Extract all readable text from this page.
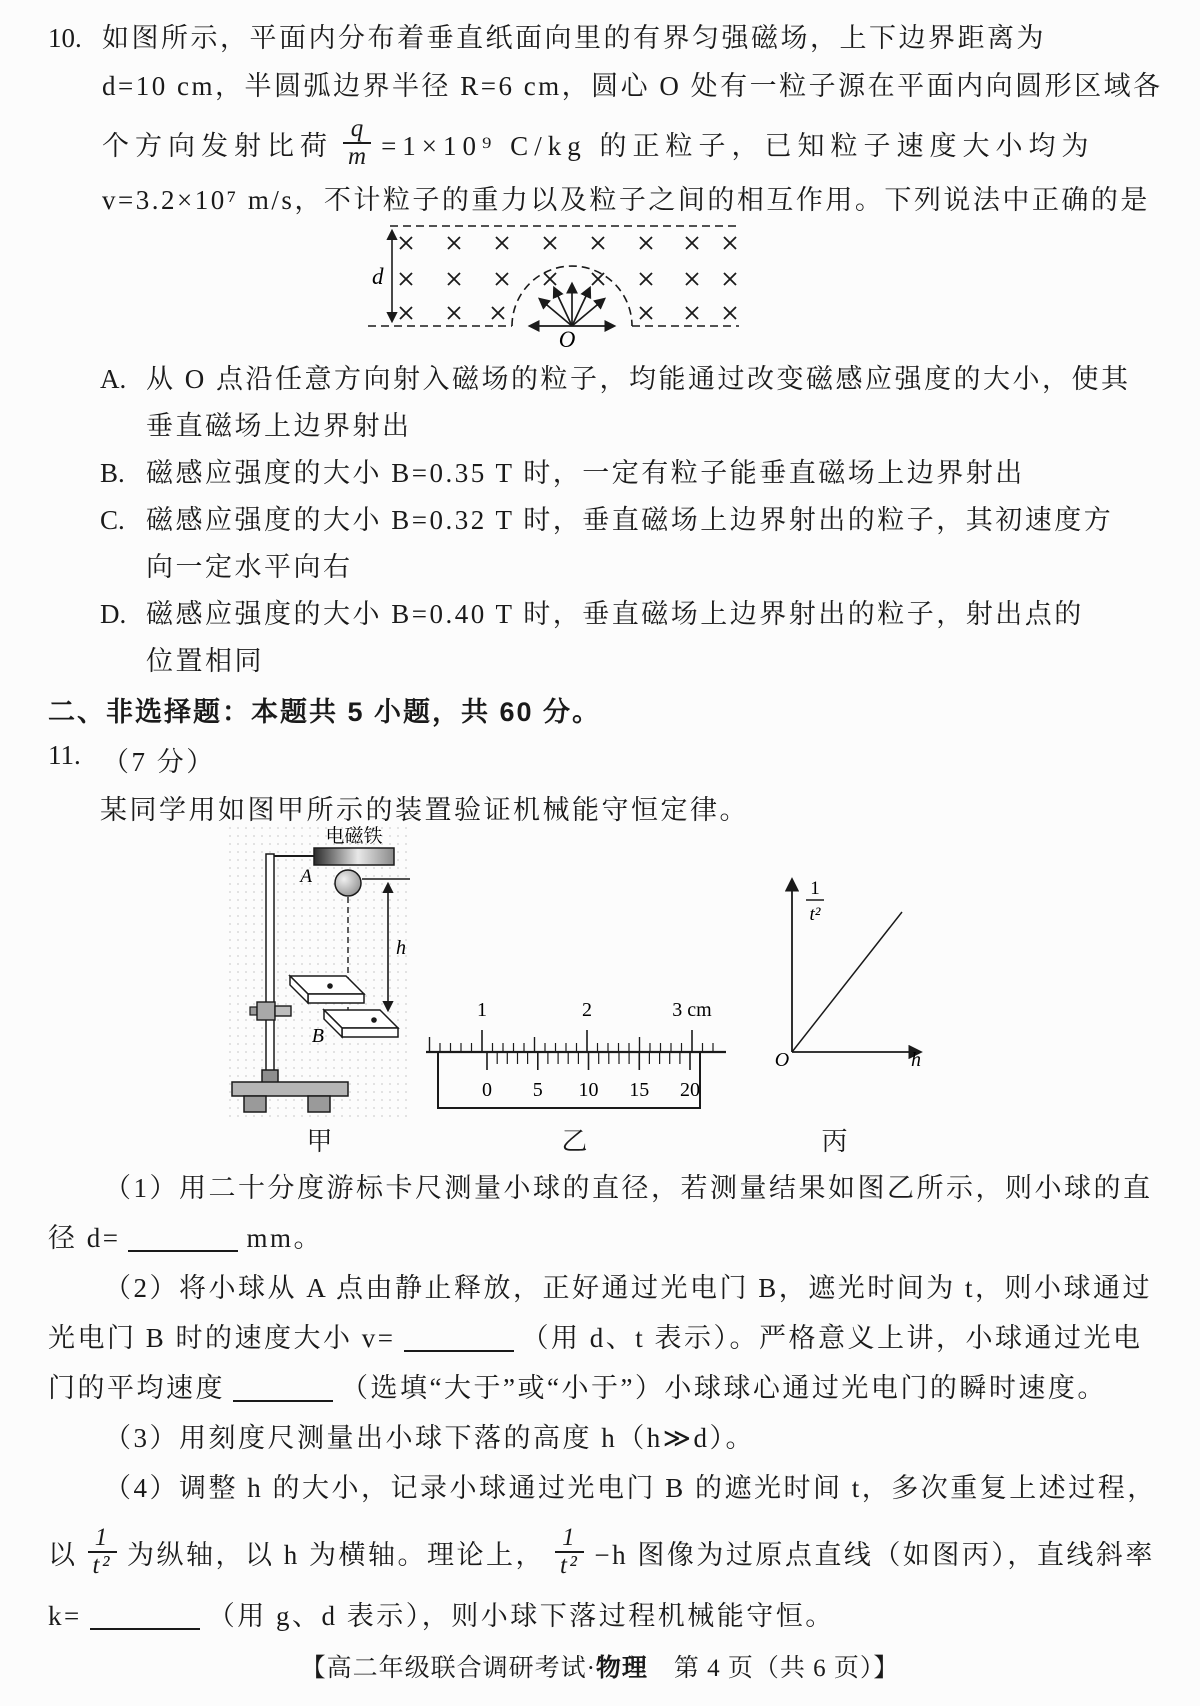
10. 如图所示，平面内分布着垂直纸面向里的有界匀强磁场，上下边界距离为
d=10 cm，半圆弧边界半径 R=6 cm，圆心 O 处有一粒子源在平面内向圆形区域各
个方向发射比荷 $\frac{q}{m} =1\times 10^9$ C/kg 的正粒子，已知粒子速度大小均为
v=3.2×10⁷ m/s，不计粒子的重力以及粒子之间的相互作用。下列说法中正确的是
d
O
A. 从 O 点沿任意方向射入磁场的粒子，均能通过改变磁感应强度的大小，使其
垂直磁场上边界射出
B. 磁感应强度的大小 B=0.35 T 时，一定有粒子能垂直磁场上边界射出
C. 磁感应强度的大小 B=0.32 T 时，垂直磁场上边界射出的粒子，其初速度方
向一定水平向右
D. 磁感应强度的大小 B=0.40 T 时，垂直磁场上边界射出的粒子，射出点的
位置相同
二、非选择题：本题共 5 小题，共 60 分。
11. （7 分）
某同学用如图甲所示的装置验证机械能守恒定律。
电磁铁
A
h
B
甲
1	2	3 cm
0 5 10 15 20
乙
1
t²
h
O
丙
（1）用二十分度游标卡尺测量小球的直径，若测量结果如图乙所示，则小球的直
径 d=	mm。
（2）将小球从 A 点由静止释放，正好通过光电门 B，遮光时间为 t，则小球通过
光电门 B 时的速度大小 v=	（用 d、t 表示）。严格意义上讲，小球通过光电
门的平均速度	（选填“大于”或“小于”）小球球心通过光电门的瞬时速度。
（3）用刻度尺测量出小球下落的高度 h（h≫d）。
（4）调整 h 的大小，记录小球通过光电门 B 的遮光时间 t，多次重复上述过程，
以 $\frac{1}{\text{t²}}$ 为纵轴，以 h 为横轴。理论上， $\frac{1}{\text{t²}} -h$ 图像为过原点直线（如图丙），直线斜率
k=	（用 g、d 表示），则小球下落过程机械能守恒。
【高二年级联合调研考试·物理　第 4 页（共 6 页）】
